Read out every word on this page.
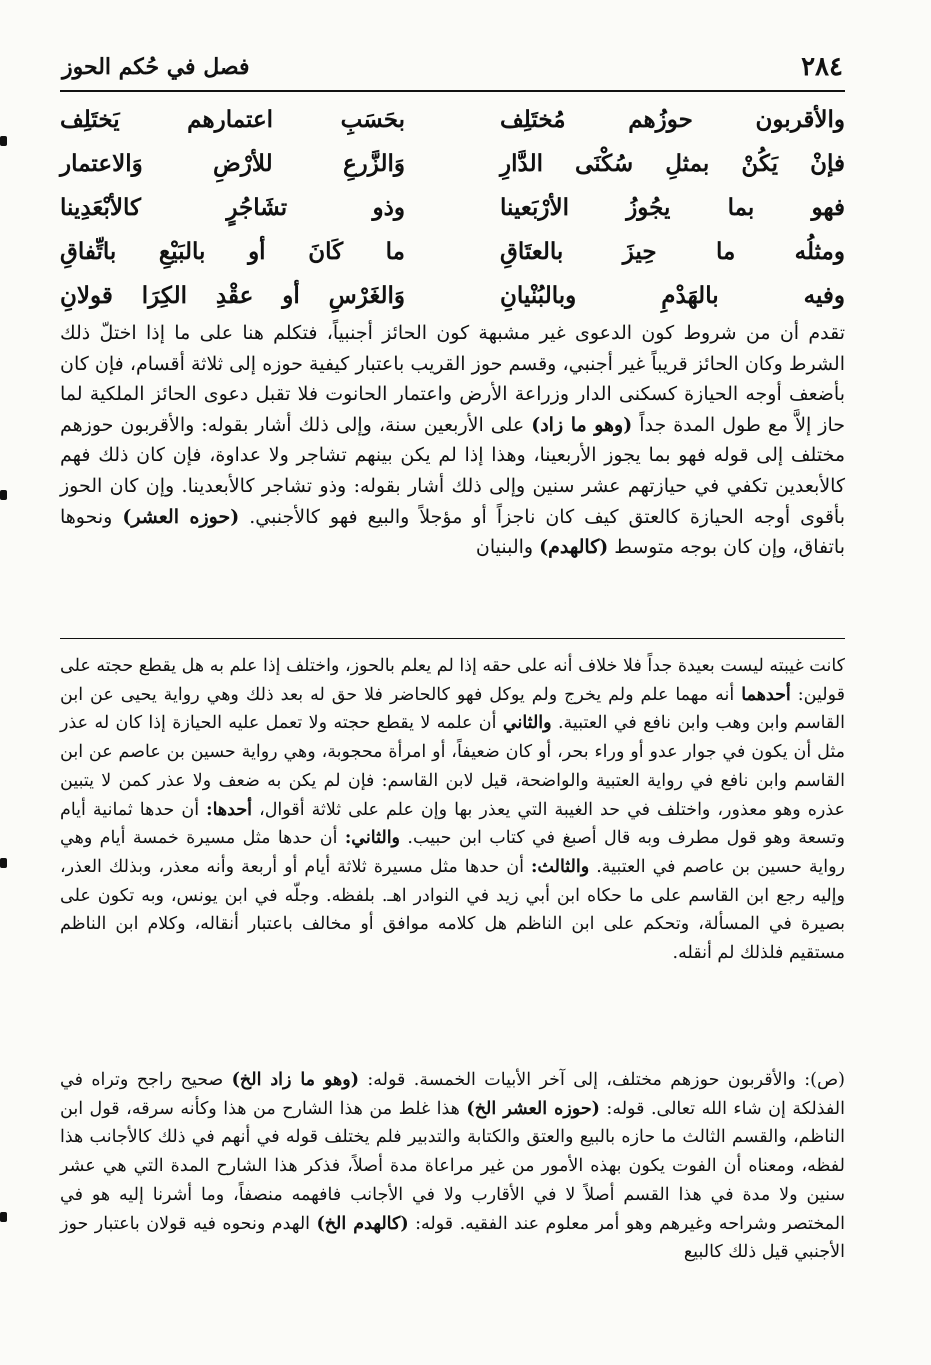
٢٨٤
فصل في حُكم الحوز
والأقربون حوزُهم مُختَلِف
بحَسَبِ اعتمارهم يَختَلِف
فإنْ يَكُنْ بمثلِ سُكْنَى الدَّارِ
وَالزَّرعِ للأرْضِ وَالاعتمار
فهو بما يجُوزُ الأرْبَعينا
وذو تشَاجُرٍ كالأبْعَدِينا
ومثلُه ما حِيزَ بالعتَاقِ
ما كَانَ أو بالبَيْعِ باتِّفاقِ
وفيه بالهَدْمِ وبالبُنْيانِ
وَالغَرْسِ أو عقْدِ الكِرَا قولانِ
تقدم أن من شروط كون الدعوى غير مشبهة كون الحائز أجنبياً، فتكلم هنا على ما إذا اختلّ ذلك الشرط وكان الحائز قريباً غير أجنبي، وقسم حوز القريب باعتبار كيفية حوزه إلى ثلاثة أقسام، فإن كان بأضعف أوجه الحيازة كسكنى الدار وزراعة الأرض واعتمار الحانوت فلا تقبل دعوى الحائز الملكية لما حاز إلاَّ مع طول المدة جداً (وهو ما زاد) على الأربعين سنة، وإلى ذلك أشار بقوله: والأقربون حوزهم مختلف إلى قوله فهو بما يجوز الأربعينا، وهذا إذا لم يكن بينهم تشاجر ولا عداوة، فإن كان ذلك فهم كالأبعدين تكفي في حيازتهم عشر سنين وإلى ذلك أشار بقوله: وذو تشاجر كالأبعدينا. وإن كان الحوز بأقوى أوجه الحيازة كالعتق كيف كان ناجزاً أو مؤجلاً والبيع فهو كالأجنبي. (حوزه العشر) ونحوها باتفاق، وإن كان بوجه متوسط (كالهدم) والبنيان
كانت غيبته ليست بعيدة جداً فلا خلاف أنه على حقه إذا لم يعلم بالحوز، واختلف إذا علم به هل يقطع حجته على قولين: أحدهما أنه مهما علم ولم يخرج ولم يوكل فهو كالحاضر فلا حق له بعد ذلك وهي رواية يحيى عن ابن القاسم وابن وهب وابن نافع في العتبية. والثاني أن علمه لا يقطع حجته ولا تعمل عليه الحيازة إذا كان له عذر مثل أن يكون في جوار عدو أو وراء بحر، أو كان ضعيفاً، أو امرأة محجوبة، وهي رواية حسين بن عاصم عن ابن القاسم وابن نافع في رواية العتبية والواضحة، قيل لابن القاسم: فإن لم يكن به ضعف ولا عذر كمن لا يتبين عذره وهو معذور، واختلف في حد الغيبة التي يعذر بها وإن علم على ثلاثة أقوال، أحدها: أن حدها ثمانية أيام وتسعة وهو قول مطرف وبه قال أصبغ في كتاب ابن حبيب. والثاني: أن حدها مثل مسيرة خمسة أيام وهي رواية حسين بن عاصم في العتبية. والثالث: أن حدها مثل مسيرة ثلاثة أيام أو أربعة وأنه معذر، وبذلك العذر، وإليه رجع ابن القاسم على ما حكاه ابن أبي زيد في النوادر اهـ. بلفظه. وجلّه في ابن يونس، وبه تكون على بصيرة في المسألة، وتحكم على ابن الناظم هل كلامه موافق أو مخالف باعتبار أنقاله، وكلام ابن الناظم مستقيم فلذلك لم أنقله.
(ص): والأقربون حوزهم مختلف، إلى آخر الأبيات الخمسة. قوله: (وهو ما زاد الخ) صحيح راجح وتراه في الفذلكة إن شاء الله تعالى. قوله: (حوزه العشر الخ) هذا غلط من هذا الشارح من هذا وكأنه سرقه، قول ابن الناظم، والقسم الثالث ما حازه بالبيع والعتق والكتابة والتدبير فلم يختلف قوله في أنهم في ذلك كالأجانب هذا لفظه، ومعناه أن الفوت يكون بهذه الأمور من غير مراعاة مدة أصلاً، فذكر هذا الشارح المدة التي هي عشر سنين ولا مدة في هذا القسم أصلاً لا في الأقارب ولا في الأجانب فافهمه منصفاً، وما أشرنا إليه هو في المختصر وشراحه وغيرهم وهو أمر معلوم عند الفقيه. قوله: (كالهدم الخ) الهدم ونحوه فيه قولان باعتبار حوز الأجنبي قيل ذلك كالبيع
